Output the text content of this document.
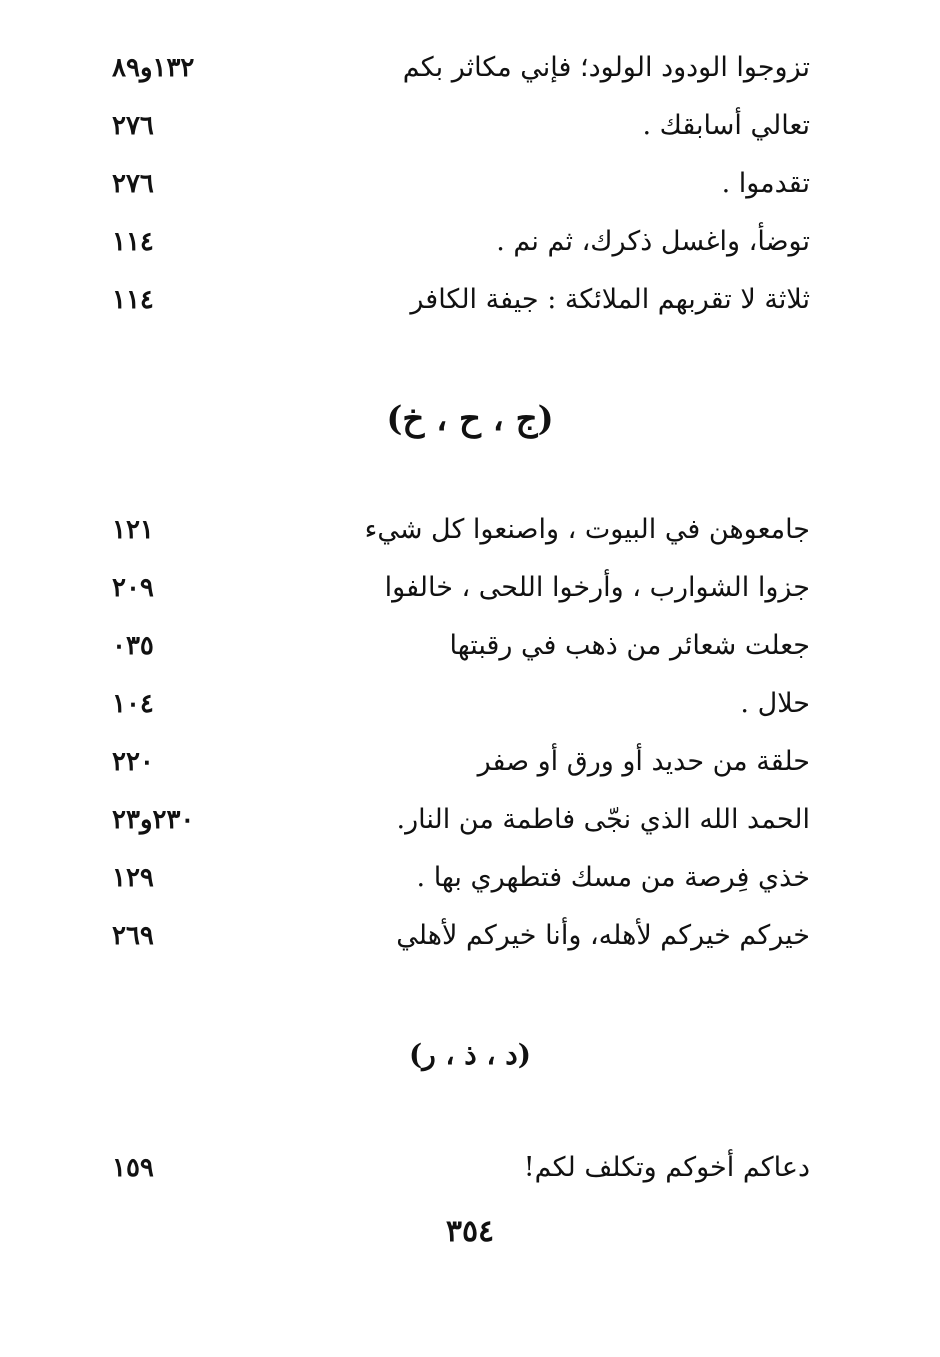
تزوجوا الودود الولود؛ فإني مكاثر بكم
١٣٢و٨٩
تعالي أسابقك .
٢٧٦
تقدموا .
٢٧٦
توضأ، واغسل ذكرك، ثم نم .
١١٤
ثلاثة لا تقربهم الملائكة : جيفة الكافر
١١٤
(ج ، ح ، خ)
جامعوهن في البيوت ، واصنعوا كل شيء
١٢١
جزوا الشوارب ، وأرخوا اللحى ، خالفوا
٢٠٩
جعلت شعائر من ذهب في رقبتها
٠٣٥
حلال .
١٠٤
حلقة من حديد أو ورق أو صفر
٢٢٠
الحمد الله الذي نجّى فاطمة من النار.
٢٣٠و٢٣
خذي فِرصة من مسك فتطهري بها .
١٢٩
خيركم خيركم لأهله، وأنا خيركم لأهلي
٢٦٩
(د ، ذ ، ر)
دعاكم أخوكم وتكلف لكم!
١٥٩
٣٥٤
